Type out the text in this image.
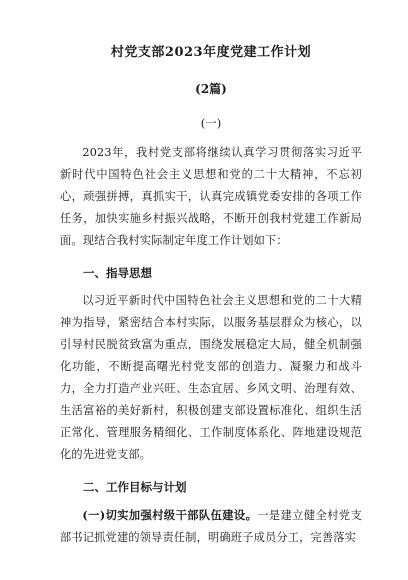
村党支部2023年度党建工作计划
(2篇)
(一)

2023年，我村党支部将继续认真学习贯彻落实习近平新时代中国特色社会主义思想和党的二十大精神，不忘初心，顽强拼搏，真抓实干，认真完成镇党委安排的各项工作任务，加快实施乡村振兴战略，不断开创我村党建工作新局面。现结合我村实际制定年度工作计划如下：

一、指导思想

以习近平新时代中国特色社会主义思想和党的二十大精神为指导，紧密结合本村实际，以服务基层群众为核心，以引导村民脱贫致富为重点，围绕发展稳定大局，健全机制强化功能，不断提高曙光村党支部的创造力、凝聚力和战斗力，全力打造产业兴旺、生态宜居、乡风文明、治理有效、生活富裕的美好新村，积极创建支部设置标准化、组织生活正常化、管理服务精细化、工作制度体系化、阵地建设规范化的先进党支部。

二、工作目标与计划

(一)切实加强村级干部队伍建设。一是建立健全村党支部书记抓党建的领导责任制，明确班子成员分工，完善落实
